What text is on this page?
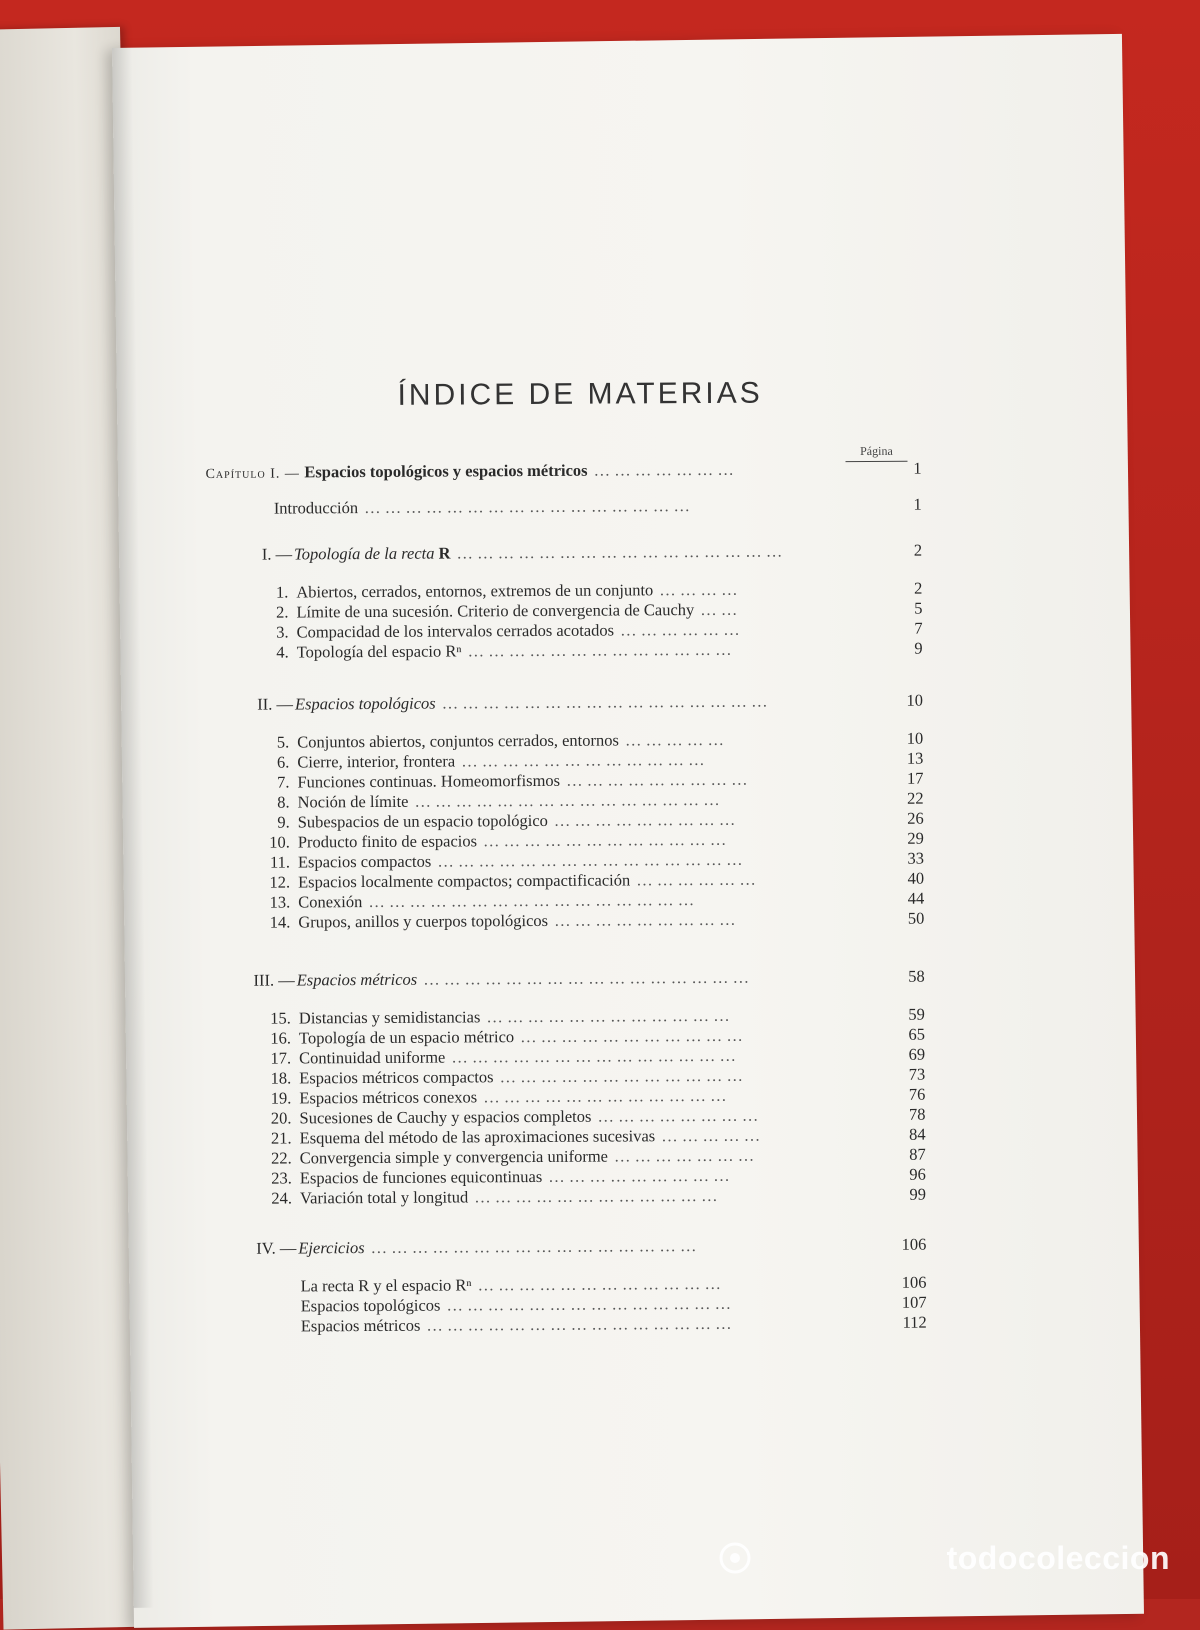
ÍNDICE DE MATERIAS
Página
Capítulo I. — Espacios topológicos y espacios métricos … … … … … … …	1
Introducción … … … … … … … … … … … … … … … …	1
I. —Topología de la recta R … … … … … … … … … … … … … … … …	2
1. Abiertos, cerrados, entornos, extremos de un conjunto … … … …	2
2. Límite de una sucesión. Criterio de convergencia de Cauchy … …	5
3. Compacidad de los intervalos cerrados acotados … … … … … …	7
4. Topología del espacio Rⁿ … … … … … … … … … … … … …	9
II. —Espacios topológicos … … … … … … … … … … … … … … … …	10
5. Conjuntos abiertos, conjuntos cerrados, entornos … … … … …	10
6. Cierre, interior, frontera … … … … … … … … … … … …	13
7. Funciones continuas. Homeomorfismos … … … … … … … … …	17
8. Noción de límite … … … … … … … … … … … … … … …	22
9. Subespacios de un espacio topológico … … … … … … … … …	26
10. Producto finito de espacios … … … … … … … … … … … …	29
11. Espacios compactos … … … … … … … … … … … … … … …	33
12. Espacios localmente compactos; compactificación … … … … … …	40
13. Conexión … … … … … … … … … … … … … … … …	44
14. Grupos, anillos y cuerpos topológicos … … … … … … … … …	50
III. —Espacios métricos … … … … … … … … … … … … … … … …	58
15. Distancias y semidistancias … … … … … … … … … … … …	59
16. Topología de un espacio métrico … … … … … … … … … … …	65
17. Continuidad uniforme … … … … … … … … … … … … … …	69
18. Espacios métricos compactos … … … … … … … … … … … …	73
19. Espacios métricos conexos … … … … … … … … … … … …	76
20. Sucesiones de Cauchy y espacios completos … … … … … … … …	78
21. Esquema del método de las aproximaciones sucesivas … … … … …	84
22. Convergencia simple y convergencia uniforme … … … … … … …	87
23. Espacios de funciones equicontinuas … … … … … … … … …	96
24. Variación total y longitud … … … … … … … … … … … …	99
IV. —Ejercicios … … … … … … … … … … … … … … … …	106
La recta R y el espacio Rⁿ … … … … … … … … … … … …	106
Espacios topológicos … … … … … … … … … … … … … …	107
Espacios métricos … … … … … … … … … … … … … … …	112
todocoleccion
